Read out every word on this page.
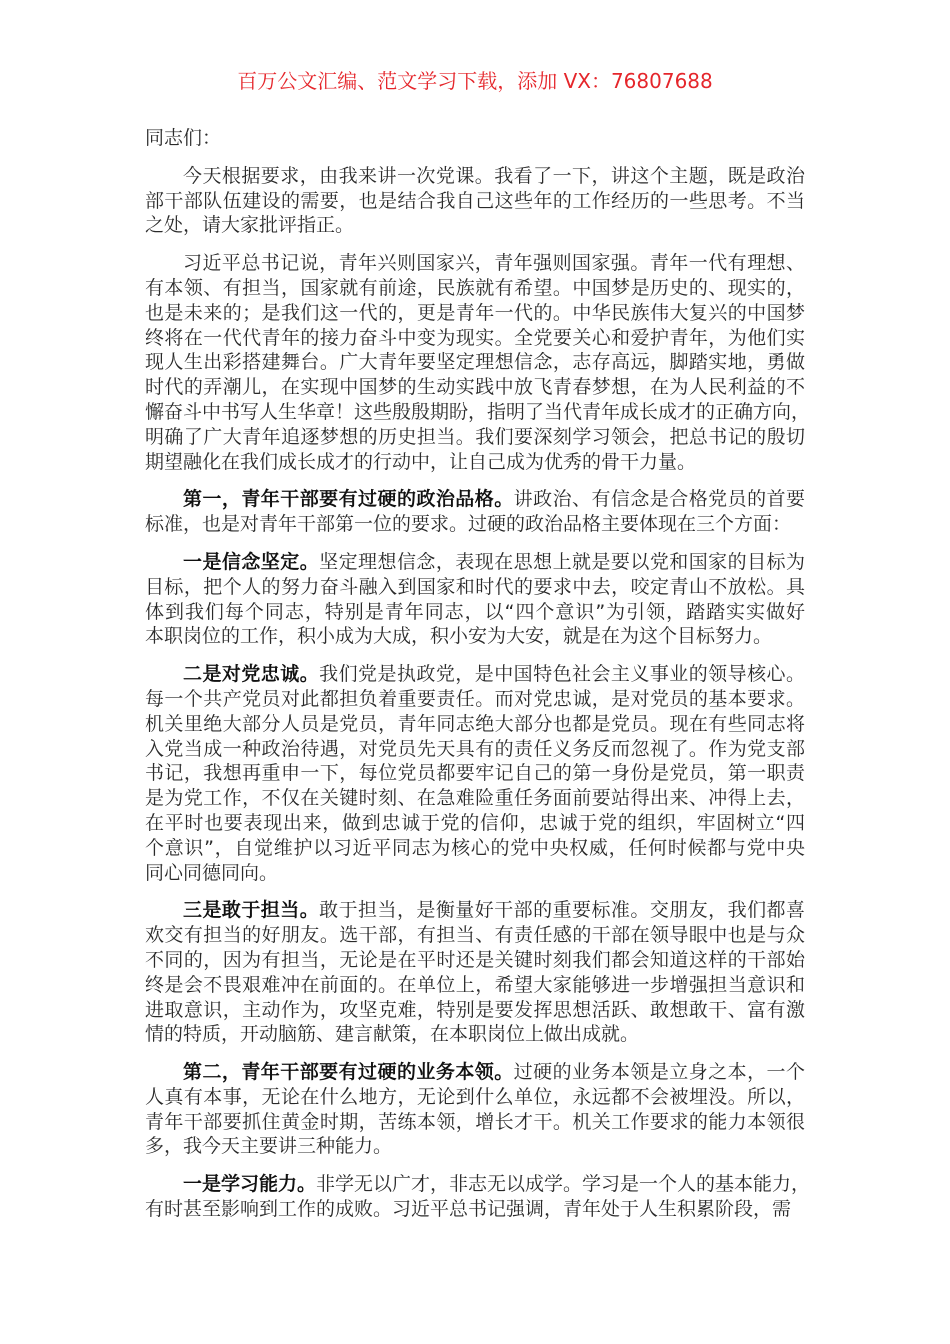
百万公文汇编、范文学习下载，添加 VX：76807688
同志们：
今天根据要求，由我来讲一次党课。我看了一下，讲这个主题，既是政治
部干部队伍建设的需要，也是结合我自己这些年的工作经历的一些思考。不当
之处，请大家批评指正。
习近平总书记说，青年兴则国家兴，青年强则国家强。青年一代有理想、
有本领、有担当，国家就有前途，民族就有希望。中国梦是历史的、现实的，
也是未来的；是我们这一代的，更是青年一代的。中华民族伟大复兴的中国梦
终将在一代代青年的接力奋斗中变为现实。全党要关心和爱护青年，为他们实
现人生出彩搭建舞台。广大青年要坚定理想信念，志存高远，脚踏实地，勇做
时代的弄潮儿，在实现中国梦的生动实践中放飞青春梦想，在为人民利益的不
懈奋斗中书写人生华章！这些殷殷期盼，指明了当代青年成长成才的正确方向，
明确了广大青年追逐梦想的历史担当。我们要深刻学习领会，把总书记的殷切
期望融化在我们成长成才的行动中，让自己成为优秀的骨干力量。
第一，青年干部要有过硬的政治品格。讲政治、有信念是合格党员的首要
标准，也是对青年干部第一位的要求。过硬的政治品格主要体现在三个方面：
一是信念坚定。坚定理想信念，表现在思想上就是要以党和国家的目标为
目标，把个人的努力奋斗融入到国家和时代的要求中去，咬定青山不放松。具
体到我们每个同志，特别是青年同志，以“四个意识”为引领，踏踏实实做好
本职岗位的工作，积小成为大成，积小安为大安，就是在为这个目标努力。
二是对党忠诚。我们党是执政党，是中国特色社会主义事业的领导核心。
每一个共产党员对此都担负着重要责任。而对党忠诚，是对党员的基本要求。
机关里绝大部分人员是党员，青年同志绝大部分也都是党员。现在有些同志将
入党当成一种政治待遇，对党员先天具有的责任义务反而忽视了。作为党支部
书记，我想再重申一下，每位党员都要牢记自己的第一身份是党员，第一职责
是为党工作，不仅在关键时刻、在急难险重任务面前要站得出来、冲得上去，
在平时也要表现出来，做到忠诚于党的信仰，忠诚于党的组织，牢固树立“四
个意识”，自觉维护以习近平同志为核心的党中央权威，任何时候都与党中央
同心同德同向。
三是敢于担当。敢于担当，是衡量好干部的重要标准。交朋友，我们都喜
欢交有担当的好朋友。选干部，有担当、有责任感的干部在领导眼中也是与众
不同的，因为有担当，无论是在平时还是关键时刻我们都会知道这样的干部始
终是会不畏艰难冲在前面的。在单位上，希望大家能够进一步增强担当意识和
进取意识，主动作为，攻坚克难，特别是要发挥思想活跃、敢想敢干、富有激
情的特质，开动脑筋、建言献策，在本职岗位上做出成就。
第二，青年干部要有过硬的业务本领。过硬的业务本领是立身之本，一个
人真有本事，无论在什么地方，无论到什么单位，永远都不会被埋没。所以，
青年干部要抓住黄金时期，苦练本领，增长才干。机关工作要求的能力本领很
多，我今天主要讲三种能力。
一是学习能力。非学无以广才，非志无以成学。学习是一个人的基本能力，
有时甚至影响到工作的成败。习近平总书记强调，青年处于人生积累阶段，需
